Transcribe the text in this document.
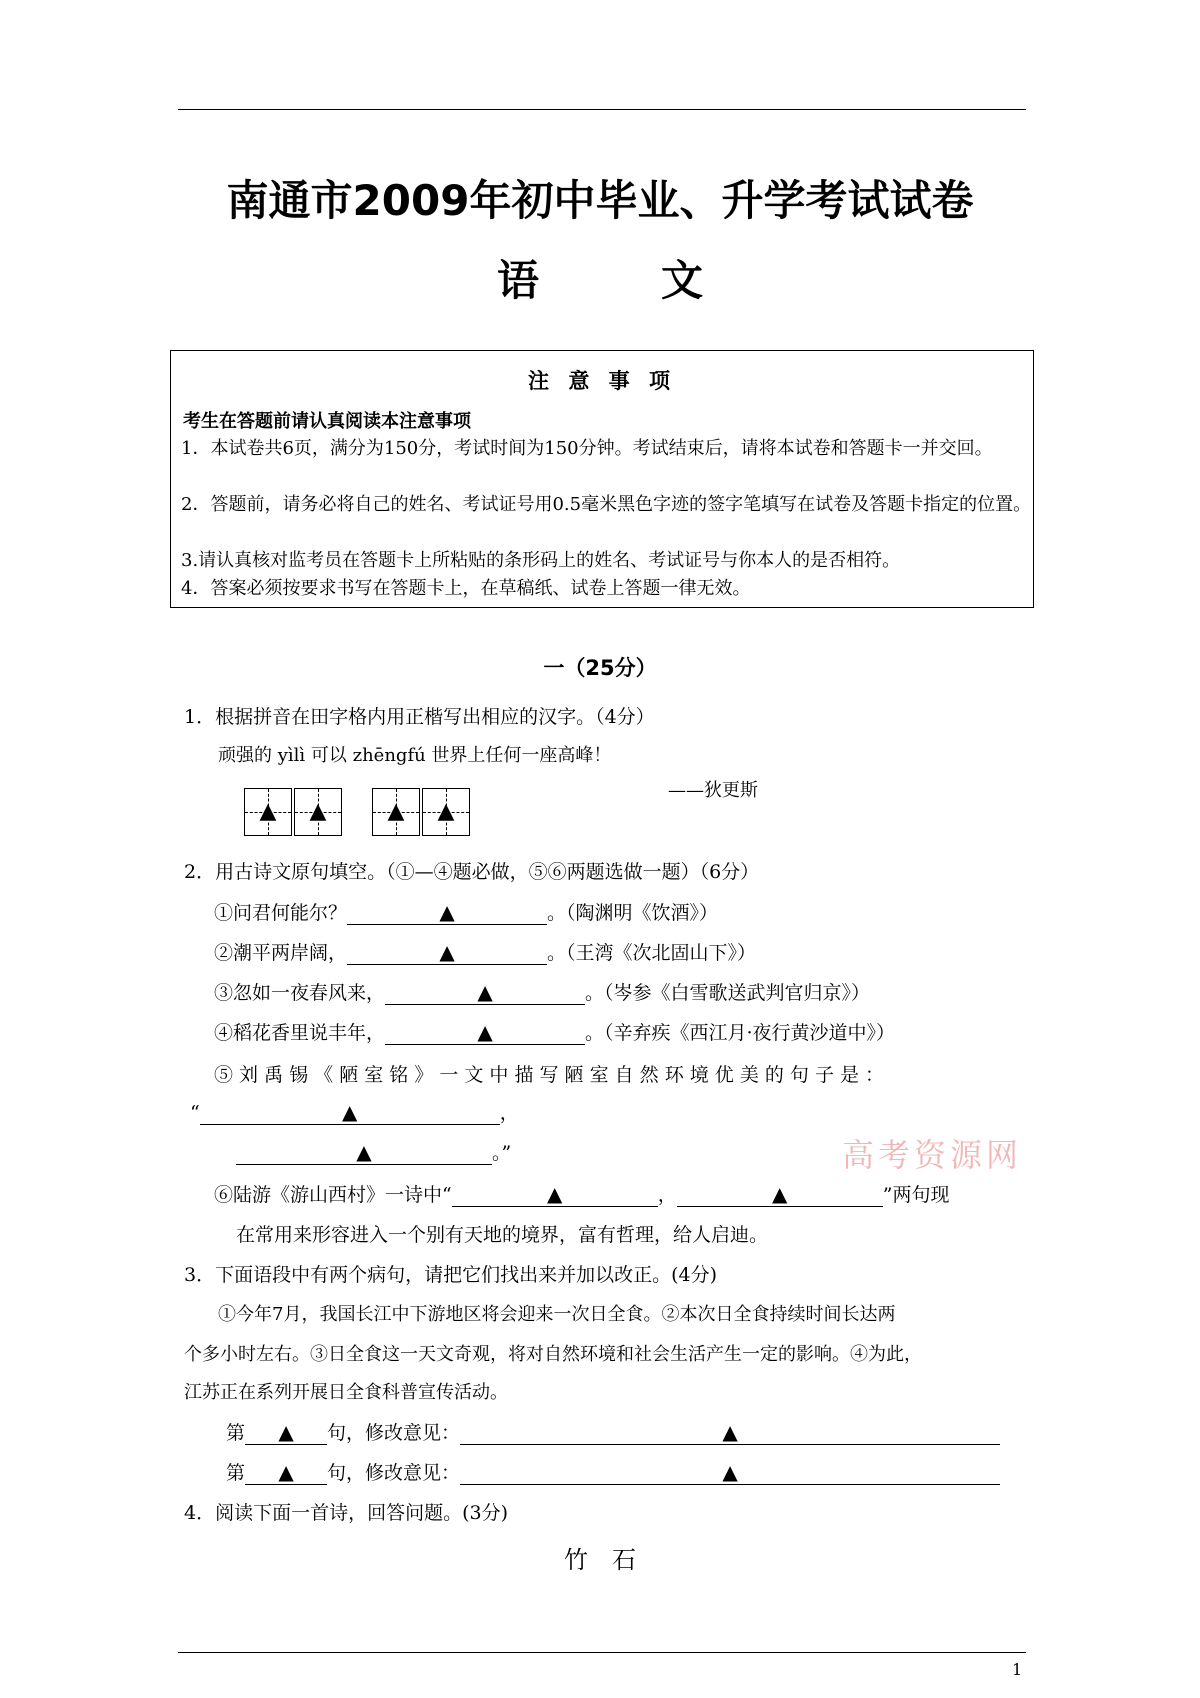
南通市2009年初中毕业、升学考试试卷
语　文
注 意 事 项
考生在答题前请认真阅读本注意事项
1．本试卷共6页，满分为150分，考试时间为150分钟。考试结束后，请将本试卷和答题卡一并交回。
2．答题前，请务必将自己的姓名、考试证号用0.5毫米黑色字迹的签字笔填写在试卷及答题卡指定的位置。
3.请认真核对监考员在答题卡上所粘贴的条形码上的姓名、考试证号与你本人的是否相符。
4．答案必须按要求书写在答题卡上，在草稿纸、试卷上答题一律无效。
一（25分）
1．根据拼音在田字格内用正楷写出相应的汉字。（4分）
顽强的 yìlì 可以 zhēngfú 世界上任何一座高峰！
——狄更斯
▲	▲	▲	▲
2．用古诗文原句填空。（①—④题必做，⑤⑥两题选做一题）（6分）
①问君何能尔？	▲	。（陶渊明《饮酒》）
②潮平两岸阔，	▲	。（王湾《次北固山下》）
③忽如一夜春风来，	▲	。（岑参《白雪歌送武判官归京》）
④稻花香里说丰年，	▲	。（辛弃疾《西江月·夜行黄沙道中》）
⑤ 刘 禹 锡 《 陋 室 铭 》 一 文 中 描 写 陋 室 自 然 环 境 优 美 的 句 子 是 ：
“	▲	，
▲	。”
⑥陆游《游山西村》一诗中“	▲	，	▲	”两句现
在常用来形容进入一个别有天地的境界，富有哲理，给人启迪。
3．下面语段中有两个病句，请把它们找出来并加以改正。(4分)
①今年7月，我国长江中下游地区将会迎来一次日全食。②本次日全食持续时间长达两
个多小时左右。③日全食这一天文奇观，将对自然环境和社会生活产生一定的影响。④为此，
江苏正在系列开展日全食科普宣传活动。
第 ▲ 句，修改意见：	▲
第 ▲ 句，修改意见：	▲
4．阅读下面一首诗，回答问题。(3分)
竹　石
高考资源网
1
